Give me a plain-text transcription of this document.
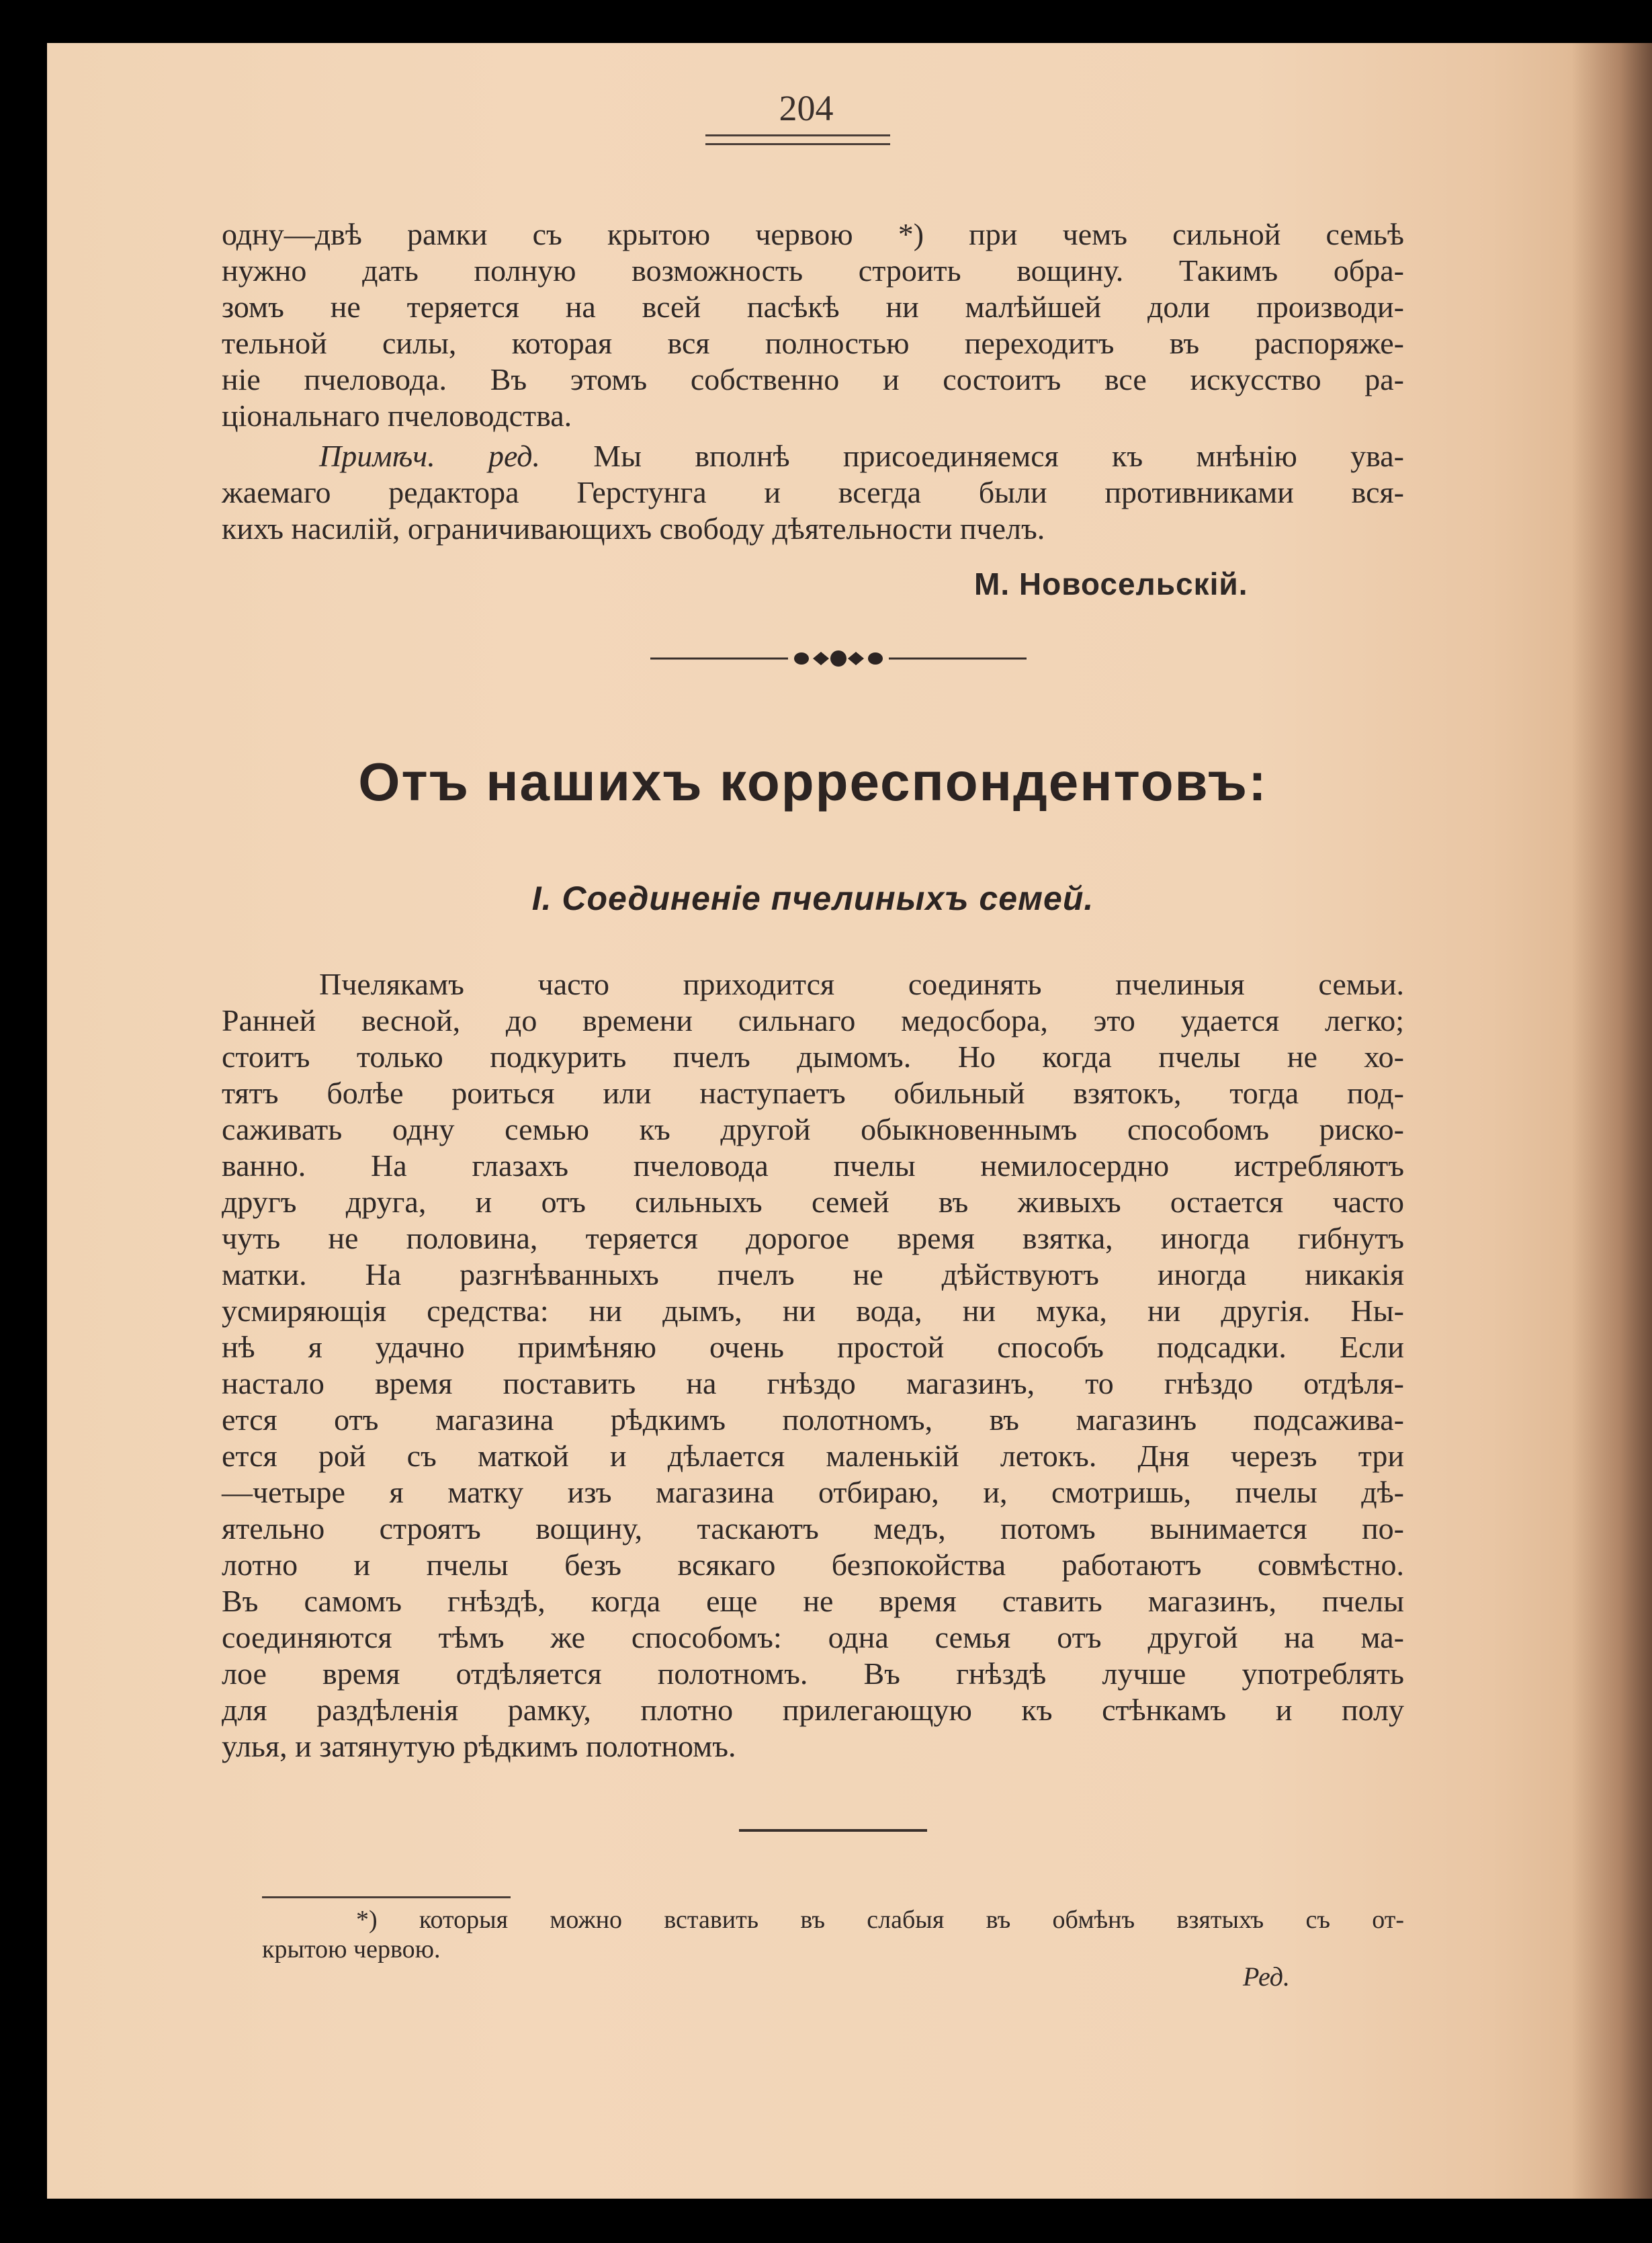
204
одну—двѣ рамки съ крытою червою *) при чемъ сильной семьѣ
нужно дать полную возможность строить вощину. Такимъ обра-
зомъ не теряется на всей пасѣкѣ ни малѣйшей доли производи-
тельной силы, которая вся полностью переходитъ въ распоряже-
ніе пчеловода. Въ этомъ собственно и состоитъ все искусство ра-
ціональнаго пчеловодства.
Примѣч. ред. Мы вполнѣ присоединяемся къ мнѣнію ува-
жаемаго редактора Герстунга и всегда были противниками вся-
кихъ насилій, ограничивающихъ свободу дѣятельности пчелъ.
М. Новосельскій.
Отъ нашихъ корреспондентовъ:
I. Соединеніе пчелиныхъ семей.
Пчелякамъ часто приходится соединять пчелиныя семьи.
Ранней весной, до времени сильнаго медосбора, это удается легко;
стоитъ только подкурить пчелъ дымомъ. Но когда пчелы не хо-
тятъ болѣе роиться или наступаетъ обильный взятокъ, тогда под-
саживать одну семью къ другой обыкновеннымъ способомъ риско-
ванно. На глазахъ пчеловода пчелы немилосердно истребляютъ
другъ друга, и отъ сильныхъ семей въ живыхъ остается часто
чуть не половина, теряется дорогое время взятка, иногда гибнутъ
матки. На разгнѣванныхъ пчелъ не дѣйствуютъ иногда никакія
усмиряющія средства: ни дымъ, ни вода, ни мука, ни другія. Ны-
нѣ я удачно примѣняю очень простой способъ подсадки. Если
настало время поставить на гнѣздо магазинъ, то гнѣздо отдѣля-
ется отъ магазина рѣдкимъ полотномъ, въ магазинъ подсажива-
ется рой съ маткой и дѣлается маленькій летокъ. Дня черезъ три
—четыре я матку изъ магазина отбираю, и, смотришь, пчелы дѣ-
ятельно строятъ вощину, таскаютъ медъ, потомъ вынимается по-
лотно и пчелы безъ всякаго безпокойства работаютъ совмѣстно.
Въ самомъ гнѣздѣ, когда еще не время ставить магазинъ, пчелы
соединяются тѣмъ же способомъ: одна семья отъ другой на ма-
лое время отдѣляется полотномъ. Въ гнѣздѣ лучше употреблять
для раздѣленія рамку, плотно прилегающую къ стѣнкамъ и полу
улья, и затянутую рѣдкимъ полотномъ.
*) которыя можно вставить въ слабыя въ обмѣнъ взятыхъ съ от-
крытою червою.
Ред.
